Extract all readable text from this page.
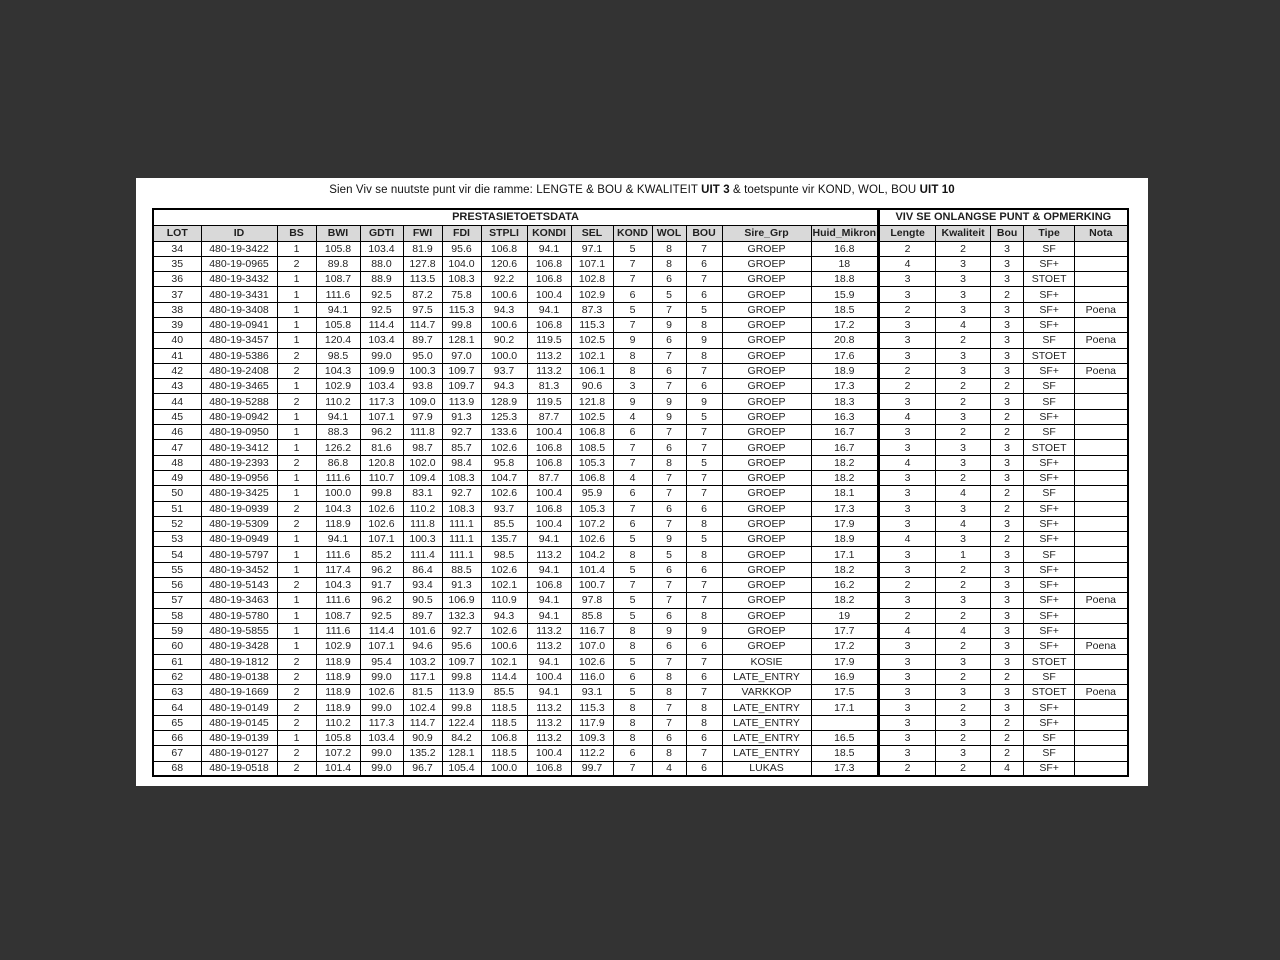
Sien Viv se nuutste punt vir die ramme: LENGTE & BOU & KWALITEIT UIT 3 & toetspunte vir KOND, WOL, BOU UIT 10
PRESTASIETOETSDATA															VIV SE ONLANGSE PUNT & OPMERKING				
LOT	ID	BS	BWI	GDTI	FWI	FDI	STPLI	KONDI	SEL	KOND	WOL	BOU	Sire_Grp	Huid_Mikron	Lengte	Kwaliteit	Bou	Tipe	Nota
34	480-19-3422	1	105.8	103.4	81.9	95.6	106.8	94.1	97.1	5	8	7	GROEP	16.8	2	2	3	SF	
35	480-19-0965	2	89.8	88.0	127.8	104.0	120.6	106.8	107.1	7	8	6	GROEP	18	4	3	3	SF+	
36	480-19-3432	1	108.7	88.9	113.5	108.3	92.2	106.8	102.8	7	6	7	GROEP	18.8	3	3	3	STOET	
37	480-19-3431	1	111.6	92.5	87.2	75.8	100.6	100.4	102.9	6	5	6	GROEP	15.9	3	3	2	SF+	
38	480-19-3408	1	94.1	92.5	97.5	115.3	94.3	94.1	87.3	5	7	5	GROEP	18.5	2	3	3	SF+	Poena
39	480-19-0941	1	105.8	114.4	114.7	99.8	100.6	106.8	115.3	7	9	8	GROEP	17.2	3	4	3	SF+	
40	480-19-3457	1	120.4	103.4	89.7	128.1	90.2	119.5	102.5	9	6	9	GROEP	20.8	3	2	3	SF	Poena
41	480-19-5386	2	98.5	99.0	95.0	97.0	100.0	113.2	102.1	8	7	8	GROEP	17.6	3	3	3	STOET	
42	480-19-2408	2	104.3	109.9	100.3	109.7	93.7	113.2	106.1	8	6	7	GROEP	18.9	2	3	3	SF+	Poena
43	480-19-3465	1	102.9	103.4	93.8	109.7	94.3	81.3	90.6	3	7	6	GROEP	17.3	2	2	2	SF	
44	480-19-5288	2	110.2	117.3	109.0	113.9	128.9	119.5	121.8	9	9	9	GROEP	18.3	3	2	3	SF	
45	480-19-0942	1	94.1	107.1	97.9	91.3	125.3	87.7	102.5	4	9	5	GROEP	16.3	4	3	2	SF+	
46	480-19-0950	1	88.3	96.2	111.8	92.7	133.6	100.4	106.8	6	7	7	GROEP	16.7	3	2	2	SF	
47	480-19-3412	1	126.2	81.6	98.7	85.7	102.6	106.8	108.5	7	6	7	GROEP	16.7	3	3	3	STOET	
48	480-19-2393	2	86.8	120.8	102.0	98.4	95.8	106.8	105.3	7	8	5	GROEP	18.2	4	3	3	SF+	
49	480-19-0956	1	111.6	110.7	109.4	108.3	104.7	87.7	106.8	4	7	7	GROEP	18.2	3	2	3	SF+	
50	480-19-3425	1	100.0	99.8	83.1	92.7	102.6	100.4	95.9	6	7	7	GROEP	18.1	3	4	2	SF	
51	480-19-0939	2	104.3	102.6	110.2	108.3	93.7	106.8	105.3	7	6	6	GROEP	17.3	3	3	2	SF+	
52	480-19-5309	2	118.9	102.6	111.8	111.1	85.5	100.4	107.2	6	7	8	GROEP	17.9	3	4	3	SF+	
53	480-19-0949	1	94.1	107.1	100.3	111.1	135.7	94.1	102.6	5	9	5	GROEP	18.9	4	3	2	SF+	
54	480-19-5797	1	111.6	85.2	111.4	111.1	98.5	113.2	104.2	8	5	8	GROEP	17.1	3	1	3	SF	
55	480-19-3452	1	117.4	96.2	86.4	88.5	102.6	94.1	101.4	5	6	6	GROEP	18.2	3	2	3	SF+	
56	480-19-5143	2	104.3	91.7	93.4	91.3	102.1	106.8	100.7	7	7	7	GROEP	16.2	2	2	3	SF+	
57	480-19-3463	1	111.6	96.2	90.5	106.9	110.9	94.1	97.8	5	7	7	GROEP	18.2	3	3	3	SF+	Poena
58	480-19-5780	1	108.7	92.5	89.7	132.3	94.3	94.1	85.8	5	6	8	GROEP	19	2	2	3	SF+	
59	480-19-5855	1	111.6	114.4	101.6	92.7	102.6	113.2	116.7	8	9	9	GROEP	17.7	4	4	3	SF+	
60	480-19-3428	1	102.9	107.1	94.6	95.6	100.6	113.2	107.0	8	6	6	GROEP	17.2	3	2	3	SF+	Poena
61	480-19-1812	2	118.9	95.4	103.2	109.7	102.1	94.1	102.6	5	7	7	KOSIE	17.9	3	3	3	STOET	
62	480-19-0138	2	118.9	99.0	117.1	99.8	114.4	100.4	116.0	6	8	6	LATE_ENTRY	16.9	3	2	2	SF	
63	480-19-1669	2	118.9	102.6	81.5	113.9	85.5	94.1	93.1	5	8	7	VARKKOP	17.5	3	3	3	STOET	Poena
64	480-19-0149	2	118.9	99.0	102.4	99.8	118.5	113.2	115.3	8	7	8	LATE_ENTRY	17.1	3	2	3	SF+	
65	480-19-0145	2	110.2	117.3	114.7	122.4	118.5	113.2	117.9	8	7	8	LATE_ENTRY		3	3	2	SF+	
66	480-19-0139	1	105.8	103.4	90.9	84.2	106.8	113.2	109.3	8	6	6	LATE_ENTRY	16.5	3	2	2	SF	
67	480-19-0127	2	107.2	99.0	135.2	128.1	118.5	100.4	112.2	6	8	7	LATE_ENTRY	18.5	3	3	2	SF	
68	480-19-0518	2	101.4	99.0	96.7	105.4	100.0	106.8	99.7	7	4	6	LUKAS	17.3	2	2	4	SF+	
